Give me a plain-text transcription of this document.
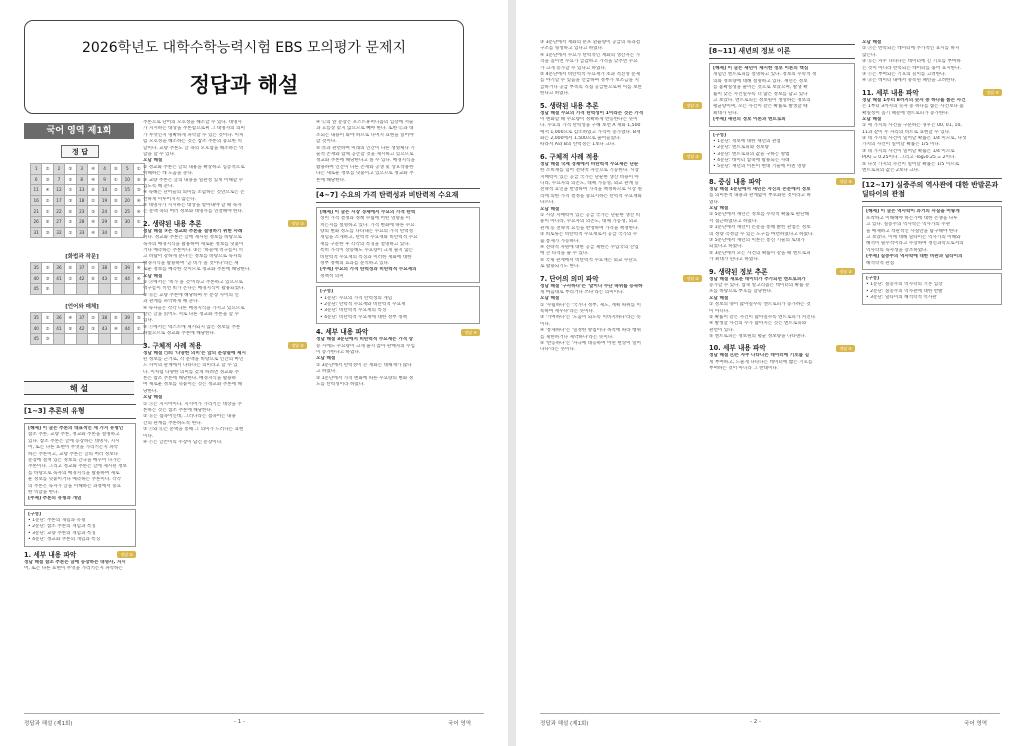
2026학년도 대학수학능력시험 EBS 모의평가 문제지
정답과 해설
국어 영역 제1회
정 답
1	②	2	③	3	④	4	⑤	5	①
6	③	7	②	8	④	9	①	10	⑤
11	④	12	①	13	⑤	14	②	15	③
16	②	17	③	18	①	19	⑤	20	④
21	①	22	⑤	23	③	24	②	25	④
26	⑤	27	②	28	④	29	③	30	①
31	③	32	①	33	④	34	②		
[화법과 작문]
35	②	36	⑤	37	①	38	③	39	④
40	③	41	①	42	⑤	43	②	44	④
45	⑤								
[언어와 매체]
35	①	36	④	37	②	38	⑤	39	③
40	②	41	⑤	42	③	43	④	44	①
45	③								
해 설
[1~3] 추론의 유형
[해제] 이 글은 추론의 대표적인 세 가지 유형인
참조 추론, 교량 추론, 정교화 추론을 설명하고
있다. 참조 추론은 글에 등장하는 대명사, 지시
어, 또는 다른 표현이 무엇을 가리키는지 파악
하는 추론이고, 교량 추론은 글의 여러 정보나
문장에 걸쳐 있는 정보의 간극을 메꾸어 나가는
추론이다. 그리고 정교화 추론은 글에 제시된 정보
를 바탕으로 독자의 배경지식을 활용하여 새로
운 정보를 덧붙이거나 예측하는 추론이다. 각각
의 추론은 독자가 글을 이해하는 과정에서 중요
한 역할을 한다.
[주제] 추론의 유형과 개념
[구성]
• 1문단: 추론의 개념과 유형
• 2문단: 참조 추론의 개념과 특징
• 3문단: 교량 추론의 개념과 특징
• 4문단: 정교화 추론의 개념과 특징
1. 세부 내용 파악	정답 ②
정답 해설 참조 추론은 글에 등장하는 대명사, 지시
어, 또는 다른 표현이 무엇을 가리키는지 파악하는
추론으로 단어의 모호성을 해소할 수 있다. 대명사
가 지시하는 대상을 추론함으로써 그 대명사의 의미
가 무엇인지 명확하게 파악할 수 있는 것이다. 이처
럼 모호성을 해소하는 것은 참조 추론의 중요한 역
할이다. 교량 추론도 글 속의 모호함을 해소하는 역
할을 할 수 있다.
오답 해설
① 정교화 추론은 글의 내용을 확장하고 심층적으로
이해하는 데 도움을 준다.
③ 교량 추론은 글의 내용을 일관성 있게 이해할 수
있도록 해 준다.
④ 독해는 단어들의 의미를 조합하는 것만으로는 온
전하게 이루어지지 않는다.
⑤ 대명사가 지시하는 대상을 알아내야 할 때 독자
는 문맥 속의 여러 정보와 대명사를 연결해야 한다.
2. 생략된 내용 추론	정답 ③
정답 해설 ③은 정교화 추론을 설명하기 위한 사례
이다. 정교화 추론은 글에 제시된 정보를 바탕으로
독자의 배경지식을 활용하여 새로운 정보를 덧붙이
거나 예측하는 추론이다. ③은 '하늘에 먹구름이 끼
고 바람이 강하게 분다'는 정보를 바탕으로 독자의
배경지식을 활용하여 '곧 비가 올 것이다'라는 새
로운 정보를 예측한 것이므로 정교화 추론에 해당한다.
오답 해설
① ⓐ에서는 '비가 올 것'이라고 추론하고 있으므로
먹구름이 끼면 비가 온다는 배경지식이 활용되었다.
② ⓑ는 교량 추론에 해당하며 두 문장 사이의 인
과 관계를 파악하게 해 준다.
④ 독자들은 각각 다른 배경지식을 가지고 있으므로
같은 글을 읽어도 서로 다른 정교화 추론을 할 수
있다.
⑤ ⓒ에서는 텍스트에 제시되지 않은 정보를 추론
하였으므로 정교화 추론에 해당한다.
3. 구체적 사례 적용	정답 ⑤
정답 해설 ㉠의 '다양한 의미'는 앞의 문장들에 제시
된 정보를 근거로, 각 문맥을 바탕으로 인간의 마인
드 사이의 관계에서 나타나는 의미라고 할 수 있
다. 이처럼 다양한 의미를 갖게 하려면 정교화 추
론은 참조 추론에 해당한다. 배경지식을 활용하
여 새로운 정보를 덧붙이는 것은 정교화 추론에 해
당한다.
오답 해설
① ⓐ는 지시어이다. 지시어가 가리키는 대상을 추
론하는 것은 참조 추론에 해당한다.
② ⓑ는 접속어인데, 그러나라는 접속어는 내용
간의 관계를 추론하도록 한다.
③ ⓒ와 ⓓ는 문맥을 통해 그 의미가 드러나는 표현
이다.
④ ⓔ는 글쓴이의 주장이 담긴 문장이다.
④ ㉡의 앞 문장은 포스트휴머니즘의 입장에 서술
과 흐름상 맞지 않으므로 빼야 한다. 또한 ㉢과 대
조되는 내용이 와야 하므로 나머지 표현을 읽어야
할 것이다.
⑤ ㉤과 관련하여 미래의 인간이 다른 생명체나 기
술적 존재와 함께 공존할 것을 제시하고 있으므로
정교화 추론에 해당한다고 볼 수 있다. 배경지식을
활용하여 인간이 다른 존재와 공생 및 상호작용한
다는 새로운 정보를 덧붙이고 있으므로 정교화 추
론에 해당한다.
[4~7] 수요의 가격 탄력성과 비탄력적 수요재
[해제] 이 글은 시장 경제에서 수요의 가격 탄력
성이 가격 결정과 정책 수립에 어떤 영향을 미
치는지를 설명하고 있다. 가격 변화에 따른 수요
량의 변화 정도를 나타내는 수요의 가격 탄력성
개념을 소개하고, 탄력적 수요재와 비탄력적 수요
재를 구분한 후 각각의 특징을 설명하고 있다.
특히 가격이 상승해도 수요량이 크게 줄지 않는
비탄력적 수요재의 특징과 이러한 재화에 대한
정부 정책의 효과를 분석하고 있다.
[주제] 수요의 가격 탄력성과 비탄력적 수요재의
정책적 의미
[구성]
• 1문단: 수요의 가격 탄력성의 개념
• 2문단: 탄력적 수요재와 비탄력적 수요재
• 3문단: 비탄력적 수요재의 특징
• 4문단: 비탄력적 수요재에 대한 정부 정책
4. 세부 내용 파악	정답 ④
정답 해설 3문단에서 비탄력적 수요재는 가격 상
승 시에도 수요량이 크게 줄지 않아 판매자의 수입
이 증가한다고 하였다.
오답 해설
① 3문단에서 탄력성이 큰 재화는 대체재가 많다
고 하였다.
② 1문단에서 가격 변화에 따른 수요량의 변화 정
도를 탄력성이라 하였다.
정답과 해설 (제1회)	- 1 -	국어 영역
③ 3문단에서 재화의 분포 환율량이 공급의 독과점
구조를 형성하고 있다고 하였다.
④ 1문단에서 수요가 탄력적인 재화의 생산자는 가
격을 높이면 수요가 급감하고 가격을 낮추면 수요
가 크게 증가할 수 있다고 하였다.
⑤ 4문단에서 비탄력적 수요재가 초과 적진성 문제
를 야기할 수 있음을 언급하며 정부가 보조금을 지
급하거나 공급 부족의 직접 공급한으로써 이를 보완
한다고 하였다.
5. 생략된 내용 추론	정답 ③
정답 해설 수요의 가격 탄력성이 1이라는 것은 가격
이 변화할 때 수요량이 정확하게 반응한다는 뜻이
다. 수요의 가격 탄력성을 구해 보면 A 재화 1,500
에서 1,000으로 감소하였고 가격이 증가했다. B재
화는 2,000에서 1,500으로 줄어들었다.
따라서 A와 B의 탄력성은 1보다 크다.
6. 구체적 사례 적용	정답 ③
정답 해설 국제 경제에서 비탄력적 수요재는 단순
한 소비재를 넘어 전략적 자산으로 기능한다. 시장
지배력이 있는 공급 국가는 단순한 생산 비용이 아
니라, 수요자의 의존도, 대체 가능성, 외교 관계 등
전략적 요인을 반영하여 가격을 책정하므로 시장 원
리에 의한 가격 결정을 중요시하는 탄력적 수요재와
다르다.
오답 해설
① 시장 지배력이 있는 공급 국가는 단순한 생산 비
용이 아니라, 수요자의 의존도, 대체 가능성, 외교
관계 등 전략적 요인을 반영하여 가격을 책정한다.
② 희토류는 비탄력적 수요재로서 공급 국가의 수
출 통제가 가능하다.
④ 전략적 자원에 대한 공급 제한은 수입국의 산업
에 큰 타격을 줄 수 있다.
⑤ 국제 관계에서 비탄력적 수요재는 외교 수단으
로 활용되기도 한다.
7. 단어의 의미 파악	정답 ②
정답 해설 '구사하다'는 '말이나 수단 따위를 능숙하
게 마음대로 부리거나 쓰다'라는 의미이다.
오답 해설
① '수립하다'는 '국가나 정부, 제도, 계획 따위를 이
룩하여 세우다'라는 뜻이다.
③ '기여하다'는 '도움이 되도록 이바지하다'라는 뜻
이다.
④ '통제하다'는 '일정한 방침이나 목적에 따라 행위
를 제한하거나 제약하다'라는 뜻이다.
⑤ '반응하다'는 '자극에 대응하여 어떤 현상이 일어
나다'라는 뜻이다.
[8~11] 새년의 정보 이론
[해제] 이 글은 섀넌이 제시한 정보 이론의 핵심
개념인 엔트로피를 설명하고 있다. 정보의 수학적 정
의와 정보량에 대해 설명하고 있다. 섀넌은 정보
를 불확실성을 줄이는 것으로 보았으며, 발생 확
률이 낮은 사건일수록 더 많은 정보를 담고 있다
고 보았다. 엔트로피는 정보원이 생성하는 정보의
평균량이며, 모든 사건이 같은 확률로 발생할 때
최대가 된다.
[주제] 섀넌의 정보 이론과 엔트로피
[구성]
• 1문단: 정보에 대한 섀넌의 관점
• 2문단: 엔트로피와 정보량
• 3문단: 엔트로피의 값을 구하는 방법
• 4문단: 데이터 압축에 활용되는 사례
• 5문단: 섀넌의 이론이 현대 기술에 미친 영향
8. 중심 내용 파악	정답 ④
정답 해설 1문단에서 섀넌은 자신의 논문에서 정보
를 의미론적 내용과 관계없이 부호화된 것이라고 하
였다.
오답 해설
① 5문단에서 섀넌은 정보를 수학적 확률로 판단해
서 접근하였다고 하였다.
② 1문단에서 섀넌이 논문을 통해 밝힌 관점은 정보
의 정량 측정할 수 있는 도구를 마련하였다고 하였다.
③ 5문단에서 섀넌의 이론은 통신 기술의 토대가
되었다고 하였다.
⑤ 3문단에서 모든 사건의 확률이 같을 때 엔트로피
가 최대가 된다고 하였다.
9. 생략된 정보 추론	정답 ③
정답 해설 새로운 데이터가 추가되면 엔트로피가
증가할 수 있다. 압축 알고리즘은 데이터의 확률 분
포를 바탕으로 부호를 할당한다.
오답 해설
① 정보의 양이 많아질수록 엔트로피가 증가하는 것
이 아니다.
② 확률이 같은 사건이 많아질수록 엔트로피가 커진다.
④ 발생할 사건의 수가 많아지는 것은 엔트로피와
관련이 있다.
⑤ 엔트로피는 정보원의 평균 정보량을 나타낸다.
10. 세부 내용 파악	정답 ⑤
정답 해설 ⓔ는 자주 나타나는 데이터에 기호를 길
게 부여하고, 드물게 나타나는 데이터에 짧은 기호를
부여하는 것이 아니라 그 반대이다.
오답 해설
① ⓐ는 반복되는 데이터에 추가적인 표시를 하지
않는다.
② ⓑ는 자주 나타나는 데이터에 긴 기호를 부여하
는 것이 아니라 반복되는 데이터를 묶어 표시한다.
③ ⓒ는 부여되는 기호의 길이를 고려한다.
④ ⓓ는 데이터 내에서 중복된 패턴을 고려한다.
11. 세부 내용 파악	정답 ④
정답 해설 1부터 8까지의 숫자 중 하나를 뽑는 사건
은 1부터 3까지의 숫자 중 하나를 뽑는 사건보다 불
확실성이 높기 때문에 엔트로피가 증가한다.
오답 해설
① 세 가지의 사건을 구분하는 경우는 00, 01, 10,
11과 같이 두 자리의 비트로 표현할 수 있다.
② 네 가지의 사건이 일어날 확률은 1/4 이므로, 다섯
가지의 사건이 일어날 확률은 1/5 이다.
③ 네 가지의 사건이 일어날 확률은 1/4 이므로
P(A) = 0.25이다. 그리고 -log₂0.25 = 2이다.
⑤ 다섯 가지의 사건이 일어날 확률은 1/5 이므로
엔트로피의 값은 2보다 크다.
[12~17] 실증주의 역사관에 대한 반발론과 딜타이의 관점
[해제] 이 글은 역사학이 과거의 사실을 어떻게
포착하고 이해해야 하는가에 대한 논쟁을 다루
고 있다. 실증주의 역사학은 역사가의 주관
을 배제하고 객관적인 사실만을 탐구해야 한다
고 보았다. 이에 대해 딜타이는 역사가의 이해와
해석이 필수적이라고 주장하며 정신과학으로서의
역사학의 독자성을 강조하였다.
[주제] 실증주의 역사학에 대한 비판과 딜타이의
해석학적 관점
[구성]
• 1문단: 실증주의 역사학의 기본 입장
• 2문단: 실증주의 역사관에 대한 반발
• 3문단: 딜타이의 해석학적 역사관
정답과 해설 (제1회)	- 2 -	국어 영역
